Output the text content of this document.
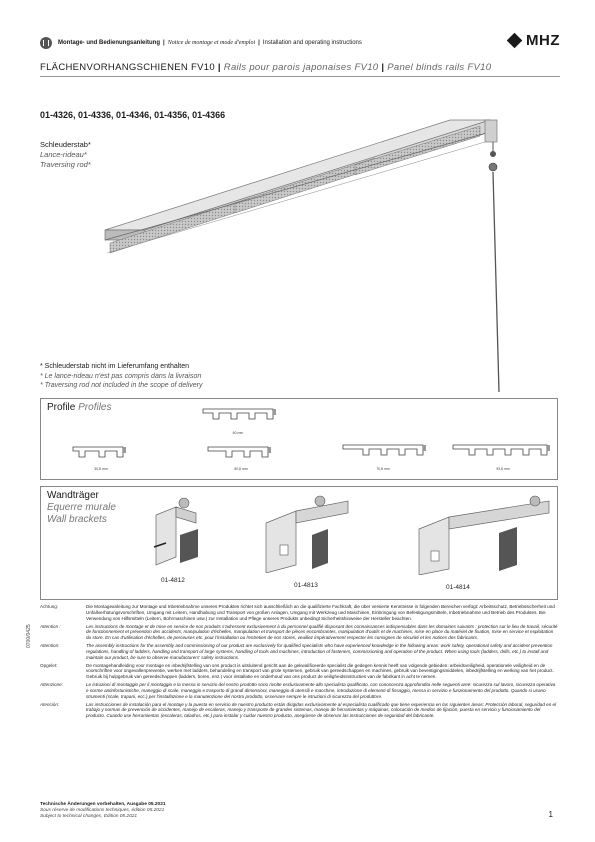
Montage- und Bedienungsanleitung | Notice de montage et mode d'emploi | Installation and operating instructions	MHZ
FLÄCHENVORHANGSCHIENEN FV10 | Rails pour parois japonaises FV10 | Panel blinds rails FV10
01-4326, 01-4336, 01-4346, 01-4356, 01-4366
Schleuderstab*
Lance-rideau*
Traversing rod*
* Schleuderstab nicht im Lieferumfang enthalten
* Le lance-rideau n'est pas compris dans la livraison
* Traversing rod not included in the scope of delivery
Profile Profiles
60 mm
30,8 mm	50,8 mm	70,8 mm	93,8 mm
Wandträger
Equerre murale
Wall brackets
01-4812
01-4813	01-4814
0700/0425
Achtung:	Die Montageanleitung zur Montage und Inbetriebnahme unseres Produktes richtet sich ausschließlich an die qualifizierte Fachkraft, die über versierte Kenntnisse in folgenden Bereichen verfügt: Arbeitsschutz, Betriebssicherheit und Unfallverhütungsvorschriften, Umgang mit Leitern, Handhabung und Transport von großen Anlagen, Umgang mit Werkzeug und Maschinen, Einbringung von Befestigungsmitteln, Inbetriebnahme und Betrieb des Produktes. Bei Verwendung von Hilfsmitteln (Leitern, Bohrmaschinen usw.) zur Installation und Pflege unseres Produkts unbedingt Sicherheitshinweise der Hersteller beachten.
Attention :	Les instructions de montage et de mise en service de nos produits s'adressent exclusivement à du personnel qualifié disposant des connaissances indispensables dans les domaines suivants : protection sur le lieu de travail, sécurité de fonctionnement et prévention des accidents, manipulation d'échelles, manipulation et transport de pièces encombrantes, manipulation d'outils et de machines, mise en place du matériel de fixation, mise en service et exploitation du store. En cas d'utilisation d'échelles, de perceuses etc. pour l'installation ou l'entretien de nos stores, veuillez impérativement respecter les consignes de sécurité et les notices des fabricants.
Attention:	The assembly instructions for the assembly and commissioning of our product are exclusively for qualified specialists who have experienced knowledge in the following areas: work safety, operational safety and accident prevention regulations, handling of ladders, handling and transport of large systems, handling of tools and machines, introduction of fasteners, commissioning and operation of the product. When using tools (ladders, drills, etc.) to install and maintain our product, be sure to observe manufacturers' safety instructions.
Opgelet:	De montagehandleiding voor montage en inbedrijfstelling van ons product is uitsluitend gericht aan de gekwalificeerde specialist die gedegen kennis heeft van volgende gebieden: arbeidsveiligheid, operationele veiligheid en de voorschriften voor ongevallenpreventie, werken met ladders, behandeling en transport van grote systemen, gebruik van gereedschappen en machines, gebruik van bevestigingsmiddelen, inbedrijfstelling en werking van het product. Gebruik bij hulpgebruik van gereedschappen (ladders, boren, enz.) voor installatie en onderhoud van ons product de veiligheidsinstructies van de fabrikant in acht te nemen.
Attenzione:	Le istruzioni di montaggio per il montaggio e la messa in servizio del nostro prodotto sono rivolte esclusivamente allo specialista qualificato, con conoscenza approfondita nelle seguenti aree: sicurezza sul lavoro, sicurezza operativa e norme antinfortunistiche, maneggio di scale, maneggio e trasporto di grandi dimensioni, maneggio di utensili e macchine, introduzione di elementi di fissaggio, messa in servizio e funzionamento del prodotto. Quando si usano strumenti (scale, trapani, ecc.) per l'installazione e la manutenzione del nostro prodotto, osservare sempre le istruzioni di sicurezza del produttore.
Atención:	Las instrucciones de instalación para el montaje y la puesta en servicio de nuestro producto están dirigidas exclusivamente al especialista cualificado que tiene experiencia en las siguientes áreas: Protección laboral, seguridad en el trabajo y normas de prevención de accidentes, manejo de escaleras, manejo y transporte de grandes sistemas, manejo de herramientas y máquinas, colocación de medios de fijación, puesta en servicio y funcionamiento del producto. Cuando use herramientas (escaleras, taladros, etc.) para instalar y cuidar nuestro producto, asegúrese de observar las instrucciones de seguridad del fabricante.
Technische Änderungen vorbehalten, Ausgabe 05.2021
Sous réserve de modifications techniques, édition 05.2021
Subject to technical changes, Edition 05.2021	1
